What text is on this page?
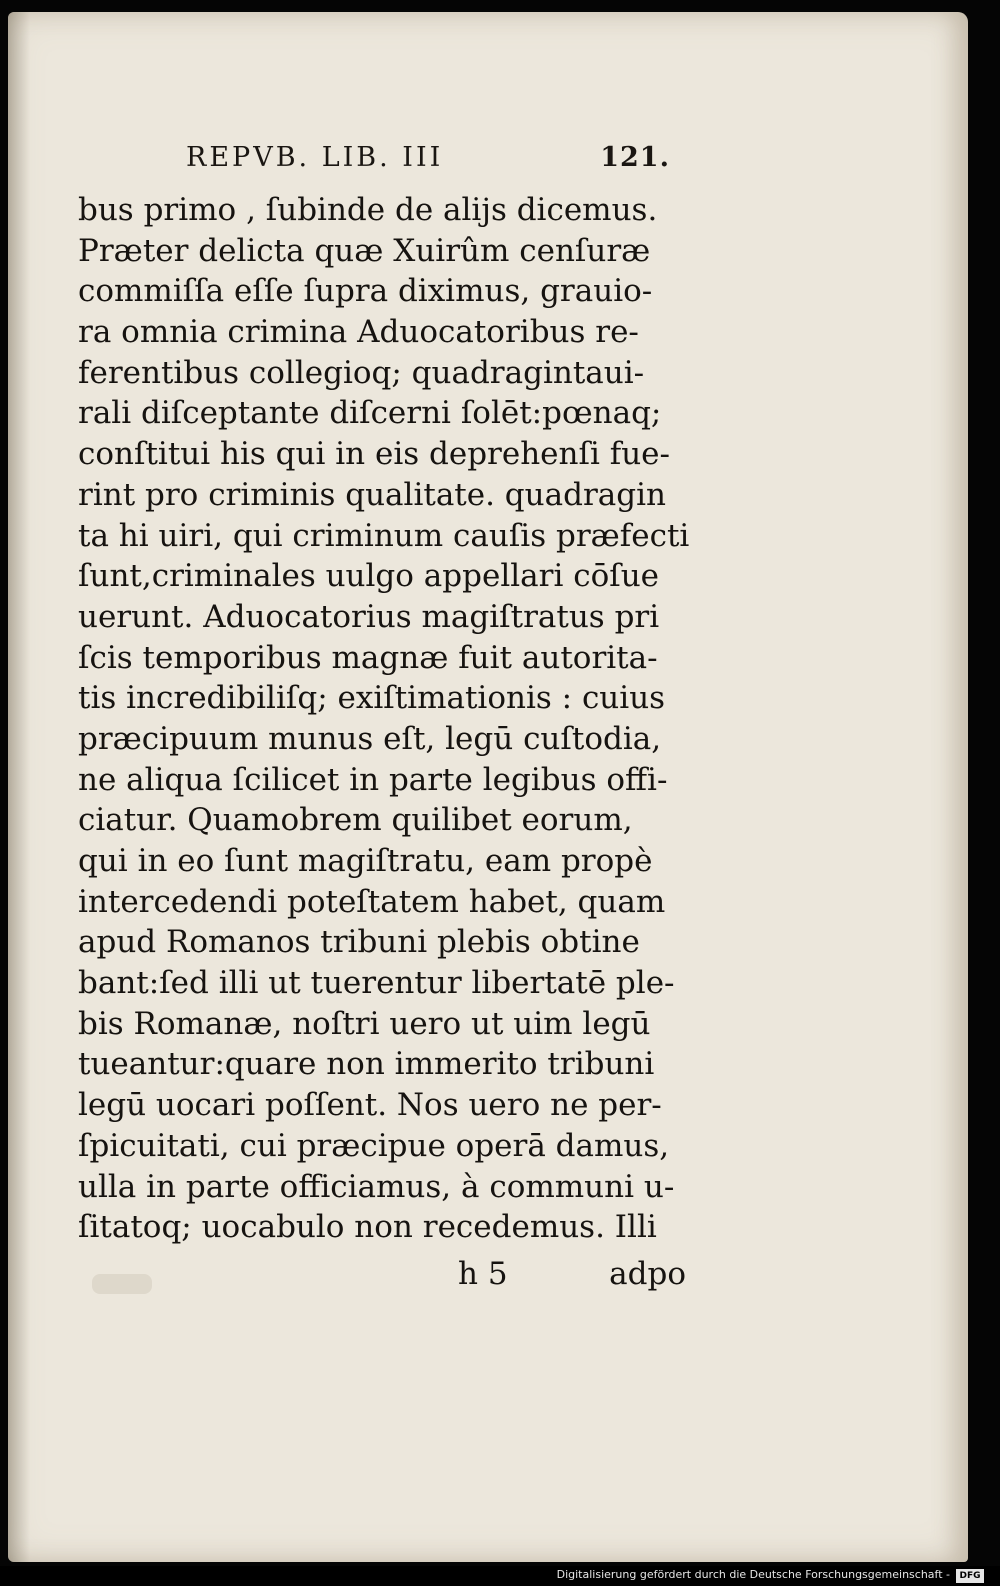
REPVB. LIB. III	121.
bus primo , ſubinde de alijs dicemus.
Præter delicta quæ Xuirûm cenſuræ
commiſſa eſſe ſupra diximus, grauio-
ra omnia crimina Aduocatoribus re-
ferentibus collegioq; quadragintaui-
rali diſceptante diſcerni ſolēt:pœnaq;
conſtitui his qui in eis deprehenſi fue-
rint pro criminis qualitate. quadragin
ta hi uiri, qui criminum cauſis præfecti
ſunt,criminales uulgo appellari cōſue
uerunt. Aduocatorius magiſtratus pri
ſcis temporibus magnæ fuit autorita-
tis incredibiliſq; exiſtimationis : cuius
præcipuum munus eſt, legū cuſtodia,
ne aliqua ſcilicet in parte legibus offi-
ciatur. Quamobrem quilibet eorum,
qui in eo ſunt magiſtratu, eam propè
intercedendi poteſtatem habet, quam
apud Romanos tribuni plebis obtine
bant:ſed illi ut tuerentur libertatē ple-
bis Romanæ, noſtri uero ut uim legū
tueantur:quare non immerito tribuni
legū uocari poſſent. Nos uero ne per-
ſpicuitati, cui præcipue operā damus,
ulla in parte officiamus, à communi u-
ſitatoq; uocabulo non recedemus. Illi
h 5	adpo
Digitalisierung gefördert durch die Deutsche Forschungsgemeinschaft -	DFG
